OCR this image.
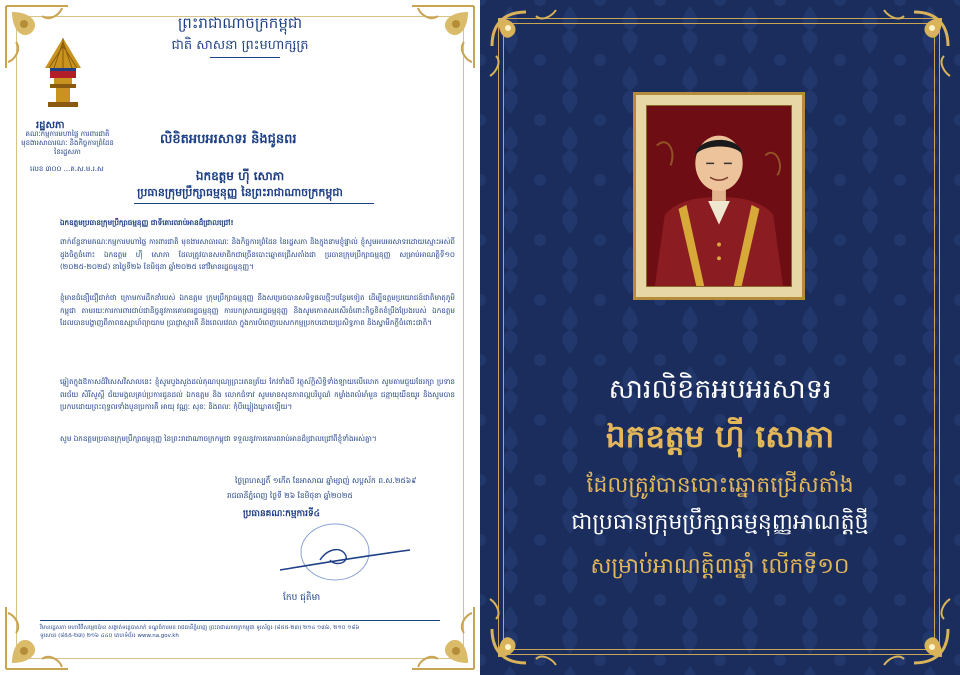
ព្រះរាជាណាចក្រកម្ពុជា
ជាតិ សាសនា ព្រះមហាក្សត្រ
រដ្ឋសភា
គណៈកម្មការមហាផ្ទៃ ការពារជាតិ មុខងារសាធារណៈ និងកិច្ចការព្រំដែន នៃរដ្ឋសភា
លេខ ៣០០ ...គ.ស.ម.រ.ស
លិខិតអបអរសាទរ និងជូនពរ
ឯកឧត្តម ហ៊ី សោភា
ប្រធានក្រុមប្រឹក្សាធម្មនុញ្ញ នៃព្រះរាជាណាចក្រកម្ពុជា
ឯកឧត្តមប្រធានក្រុមប្រឹក្សាធម្មនុញ្ញ ជាទីគោរពរាប់អានដ៏ជ្រាលជ្រៅ!
ពាក់ព័ន្ធនាមគណៈកម្មការមហាផ្ទៃ ការពារជាតិ មុខងារសាធារណៈ និងកិច្ចការព្រំដែន នៃរដ្ឋសភា និងក្នុងនាមខ្ញុំផ្ទាល់ ខ្ញុំសូមអបអរសាទរដោយស្មោះអស់ពីដួងចិត្តចំពោះ ឯកឧត្តម ហ៊ី សោភា ដែលត្រូវបានសមាជិកជាច្រើនបោះឆ្នោតជ្រើសតាំងជា ប្រធានក្រុមប្រឹក្សាធម្មនុញ្ញ សម្រាប់អាណត្តិទី១០ (២០២៥-២០២៨) នាថ្ងៃទី២៦ ខែមិថុនា ឆ្នាំ២០២៥ នៅវិមានរដ្ឋធម្មនុញ្ញ។
ខ្ញុំមានជំនឿជឿជាក់ថា ក្រោមការដឹកនាំរបស់ ឯកឧត្តម ក្រុមប្រឹក្សាធម្មនុញ្ញ នឹងសម្រេចបានសមិទ្ធផលថ្មីៗបន្ថែមទៀត ដើម្បីឧត្តមប្រយោជន៍ជាតិមាតុភូមិកម្ពុជា តាមរយៈការការពារជាប់ជានិច្ចនូវការគោរពរដ្ឋធម្មនុញ្ញ ការបកស្រាយរដ្ឋធម្មនុញ្ញ និងសូមកោតសរសើរចំពោះកិច្ចខិតខំប្រឹងប្រែងរបស់ ឯកឧត្តម ដែលបានបង្ហាញពីភាពឧស្សាហ៍ព្យាយាម ប្រាជ្ញាស្មារតី និងពេលវេលា ក្នុងការបំពេញបេសកកម្មប្រកបដោយប្រសិទ្ធភាព និងស្វាមីភក្ដីចំពោះជាតិ។
ឆ្លៀតក្នុងឱកាសដ៏វិសេសវិសាលនេះ ខ្ញុំសូមបួងសួងដល់គុណបុណ្យព្រះរតនត្រ័យ កែវទាំងបី វត្ថុស័ក្តិសិទ្ធិទាំងឡាយលើលោក សូមតាមជួយថែរក្សា ប្រទានពរជ័យ សិរីសួស្តី ជ័យមង្គលគ្រប់ប្រការជូនដល់ ឯកឧត្តម និង លោកជំទាវ សូមមានសុខភាពល្អបរិបូណ៌ កម្លាំងពលំមាំមួន ជន្មាយុយឺនយូរ និងសូមបានប្រកបដោយព្រះពុទ្ធពរទាំងបួនប្រការគឺ អាយុ វណ្ណៈ សុខៈ និងពលៈ កុំបីឃ្លៀងឃ្លាតឡើយ។
សូម ឯកឧត្តមប្រធានក្រុមប្រឹក្សាធម្មនុញ្ញ នៃព្រះរាជាណាចក្រកម្ពុជា ទទួលនូវការគោរពរាប់អានដ៏ជ្រាលជ្រៅពីខ្ញុំទាំងអស់គ្នា។
ថ្ងៃព្រហស្បតិ៍ ១កើត ខែអាសាឍ ឆ្នាំម្សាញ់ សប្តស័ក ព.ស.២៥៦៩
រាជធានីភ្នំពេញ ថ្ងៃទី ២៦ ខែមិថុនា ឆ្នាំ២០២៥
ប្រធានគណៈកម្មការទី៤
កែប ជុតិមា
វិមានរដ្ឋសភា មហាវិថីសម្តេចប៉ាន សង្កាត់ទន្លេបាសាក់ ខណ្ឌចំការមន រាជធានីភ្នំពេញ ព្រះរាជាណាចក្រកម្ពុជា ទូរស័ព្ទ៖ (៨៥៥-២៣) ២១៤ ១៣៦, ២១០ ១៨៦
ទូរសារ៖ (៨៥៥-២៣) ២១៦ ៤៤០ គេហទំព័រ៖ www.na.gov.kh
សារលិខិតអបអរសាទរ
ឯកឧត្តម ហ៊ី សោភា
ដែលត្រូវបានបោះឆ្នោតជ្រើសតាំង
ជាប្រធានក្រុមប្រឹក្សាធម្មនុញ្ញអាណត្តិថ្មី
សម្រាប់អាណត្តិ៣ឆ្នាំ លើកទី១០
